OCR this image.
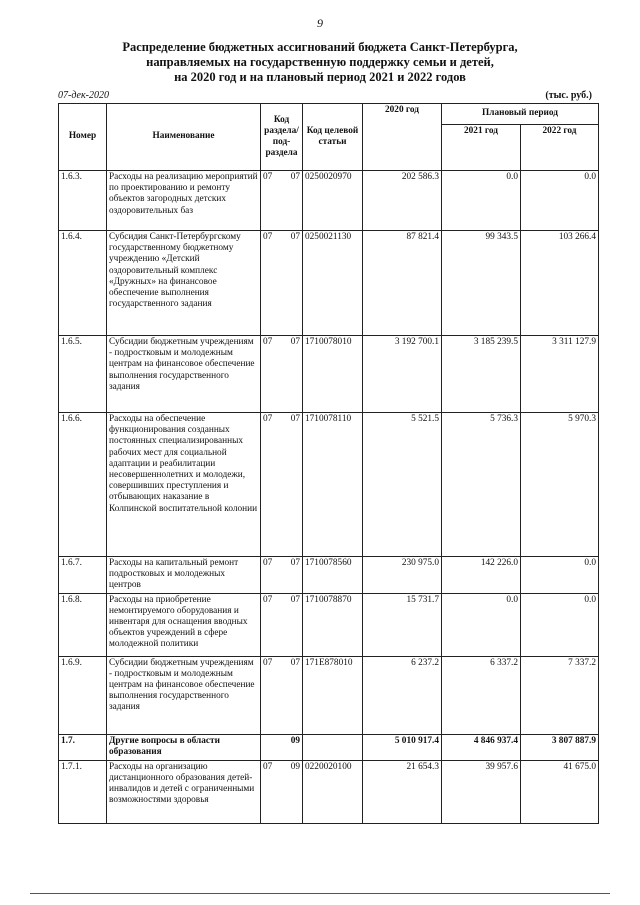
9
Распределение бюджетных ассигнований бюджета Санкт-Петербурга,
направляемых на государственную поддержку семьи и детей,
на 2020 год и на плановый период 2021 и 2022 годов
07-дек-2020	(тыс. руб.)
Номер	Наименование	Код раздела/ под-раздела	Код целевой статьи	2020 год	Плановый период	
					2021 год	2022 год
1.6.3.	Расходы на реализацию мероприятий по проектированию и ремонту объектов загородных детских оздоровительных баз	07 07	0250020970	202 586.3	0.0	0.0
1.6.4.	Субсидия Санкт-Петербургскому государственному бюджетному учреждению «Детский оздоровительный комплекс «Дружных» на финансовое обеспечение выполнения государственного задания	07 07	0250021130	87 821.4	99 343.5	103 266.4
1.6.5.	Субсидии бюджетным учреждениям - подростковым и молодежным центрам на финансовое обеспечение выполнения государственного задания	07 07	1710078010	3 192 700.1	3 185 239.5	3 311 127.9
1.6.6.	Расходы на обеспечение функционирования созданных постоянных специализированных рабочих мест для социальной адаптации и реабилитации несовершеннолетних и молодежи, совершивших преступления и отбывающих наказание в Колпинской воспитательной колонии	07 07	1710078110	5 521.5	5 736.3	5 970.3
1.6.7.	Расходы на капитальный ремонт подростковых и молодежных центров	07 07	1710078560	230 975.0	142 226.0	0.0
1.6.8.	Расходы на приобретение немонтируемого оборудования и инвентаря для оснащения вводных объектов учреждений в сфере молодежной политики	07 07	1710078870	15 731.7	0.0	0.0
1.6.9.	Субсидии бюджетным учреждениям - подростковым и молодежным центрам на финансовое обеспечение выполнения государственного задания	07 07	171E878010	6 237.2	6 337.2	7 337.2
1.7.	Другие вопросы в области образования	09		5 010 917.4	4 846 937.4	3 807 887.9
1.7.1.	Расходы на организацию дистанционного образования детей-инвалидов и детей с ограниченными возможностями здоровья	07 09	0220020100	21 654.3	39 957.6	41 675.0
